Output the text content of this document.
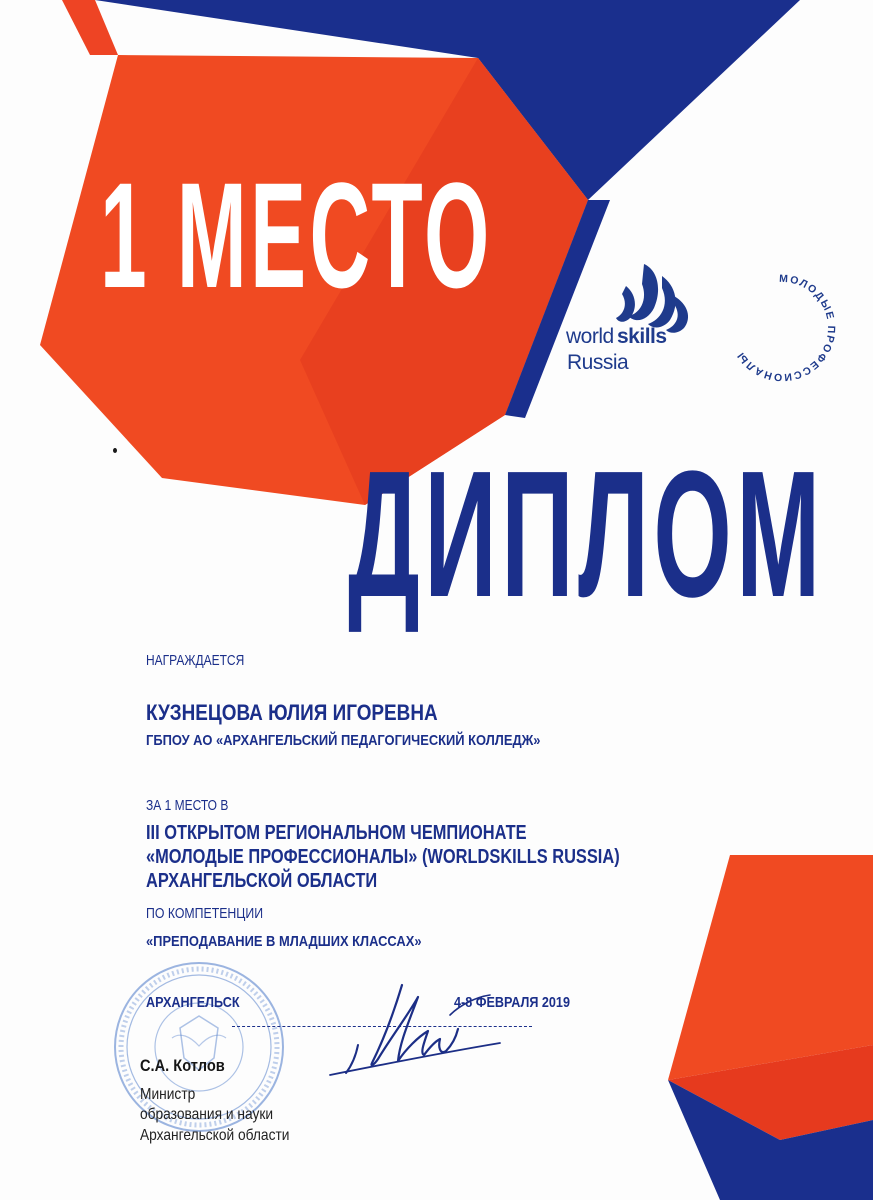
1 МЕСТО
ДИПЛОМ
world skills
Russia
МОЛОДЫЕ ПРОФЕССИОНАЛЫ
НАГРАЖДАЕТСЯ
КУЗНЕЦОВА ЮЛИЯ ИГОРЕВНА
ГБПОУ АО «АРХАНГЕЛЬСКИЙ ПЕДАГОГИЧЕСКИЙ КОЛЛЕДЖ»
ЗА 1 МЕСТО В
III ОТКРЫТОМ РЕГИОНАЛЬНОМ ЧЕМПИОНАТЕ
«МОЛОДЫЕ ПРОФЕССИОНАЛЫ» (WORLDSKILLS RUSSIA)
АРХАНГЕЛЬСКОЙ ОБЛАСТИ
ПО КОМПЕТЕНЦИИ
«ПРЕПОДАВАНИЕ В МЛАДШИХ КЛАССАХ»
АРХАНГЕЛЬСК	4-8 ФЕВРАЛЯ 2019
С.А. Котлов
Министр
образования и науки
Архангельской области
